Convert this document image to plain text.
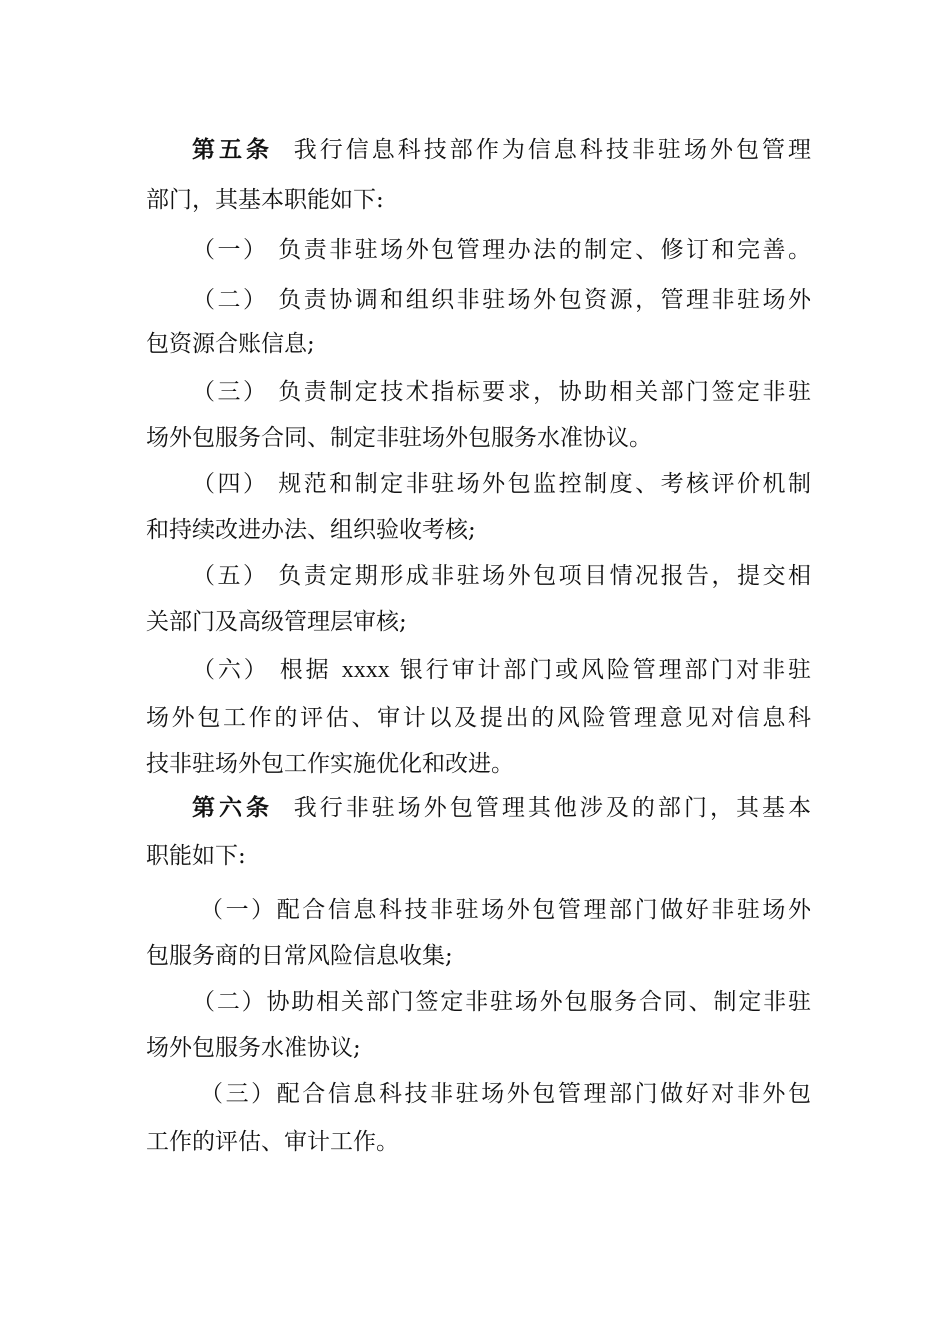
第五条 我行信息科技部作为信息科技非驻场外包管理
部门，其基本职能如下:
（一） 负责非驻场外包管理办法的制定、修订和完善。
（二） 负责协调和组织非驻场外包资源，管理非驻场外
包资源合账信息;
（三） 负责制定技术指标要求，协助相关部门签定非驻
场外包服务合同、制定非驻场外包服务水准协议。
（四） 规范和制定非驻场外包监控制度、考核评价机制
和持续改进办法、组织验收考核;
（五） 负责定期形成非驻场外包项目情况报告，提交相
关部门及高级管理层审核;
（六） 根据 xxxx 银行审计部门或风险管理部门对非驻
场外包工作的评估、审计以及提出的风险管理意见对信息科
技非驻场外包工作实施优化和改进。
第六条 我行非驻场外包管理其他涉及的部门，其基本
职能如下:
（一）配合信息科技非驻场外包管理部门做好非驻场外
包服务商的日常风险信息收集;
（二）协助相关部门签定非驻场外包服务合同、制定非驻
场外包服务水准协议;
（三）配合信息科技非驻场外包管理部门做好对非外包
工作的评估、审计工作。
